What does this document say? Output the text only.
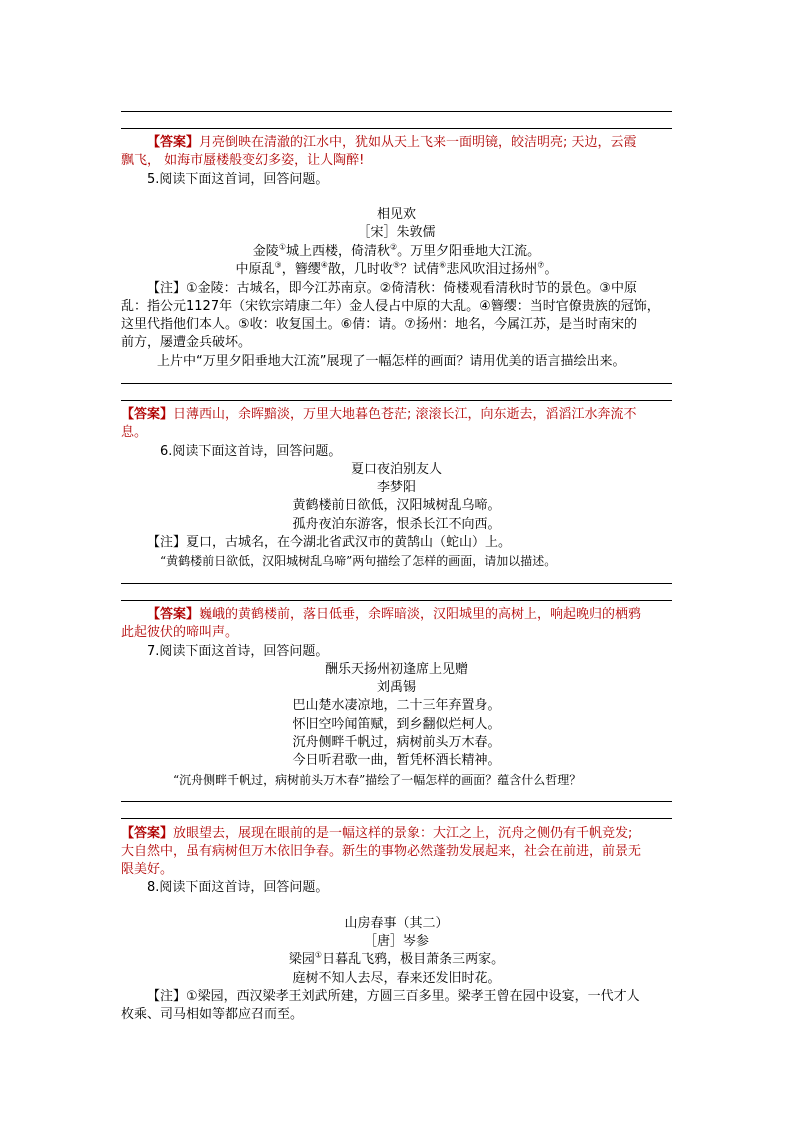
【答案】月亮倒映在清澈的江水中，犹如从天上飞来一面明镜，皎洁明亮; 天边，云霞
飘飞， 如海市蜃楼般变幻多姿，让人陶醉!
5.阅读下面这首词，回答问题。
相见欢
［宋］朱敦儒
金陵①城上西楼，倚清秋②。万里夕阳垂地大江流。
中原乱③，簪缨④散，几时收⑤？试倩⑥悲风吹泪过扬州⑦。
【注】①金陵：古城名，即今江苏南京。②倚清秋：倚楼观看清秋时节的景色。③中原
乱：指公元1127年（宋钦宗靖康二年）金人侵占中原的大乱。④簪缨：当时官僚贵族的冠饰，
这里代指他们本人。⑤收：收复国土。⑥倩：请。⑦扬州：地名，今属江苏，是当时南宋的
前方，屡遭金兵破坏。
上片中“万里夕阳垂地大江流”展现了一幅怎样的画面？请用优美的语言描绘出来。
【答案】日薄西山，余晖黯淡，万里大地暮色苍茫; 滚滚长江，向东逝去，滔滔江水奔流不
息。
6.阅读下面这首诗，回答问题。
夏口夜泊别友人
李梦阳
黄鹤楼前日欲低，汉阳城树乱乌啼。
孤舟夜泊东游客，恨杀长江不向西。
【注】夏口，古城名，在今湖北省武汉市的黄鹄山（蛇山）上。
“黄鹤楼前日欲低，汉阳城树乱乌啼”两句描绘了怎样的画面，请加以描述。
【答案】巍峨的黄鹤楼前，落日低垂，余晖暗淡，汉阳城里的高树上，响起晚归的栖鸦
此起彼伏的啼叫声。
7.阅读下面这首诗，回答问题。
酬乐天扬州初逢席上见赠
刘禹锡
巴山楚水凄凉地，二十三年弃置身。
怀旧空吟闻笛赋，到乡翻似烂柯人。
沉舟侧畔千帆过，病树前头万木春。
今日听君歌一曲，暂凭杯酒长精神。
“沉舟侧畔千帆过，病树前头万木春”描绘了一幅怎样的画面？蕴含什么哲理？
【答案】放眼望去，展现在眼前的是一幅这样的景象：大江之上，沉舟之侧仍有千帆竞发;
大自然中，虽有病树但万木依旧争春。新生的事物必然蓬勃发展起来，社会在前进，前景无
限美好。
8.阅读下面这首诗，回答问题。
山房春事（其二）
［唐］岑参
梁园①日暮乱飞鸦，极目萧条三两家。
庭树不知人去尽，春来还发旧时花。
【注】①梁园，西汉梁孝王刘武所建，方圆三百多里。梁孝王曾在园中设宴，一代才人
枚乘、司马相如等都应召而至。
